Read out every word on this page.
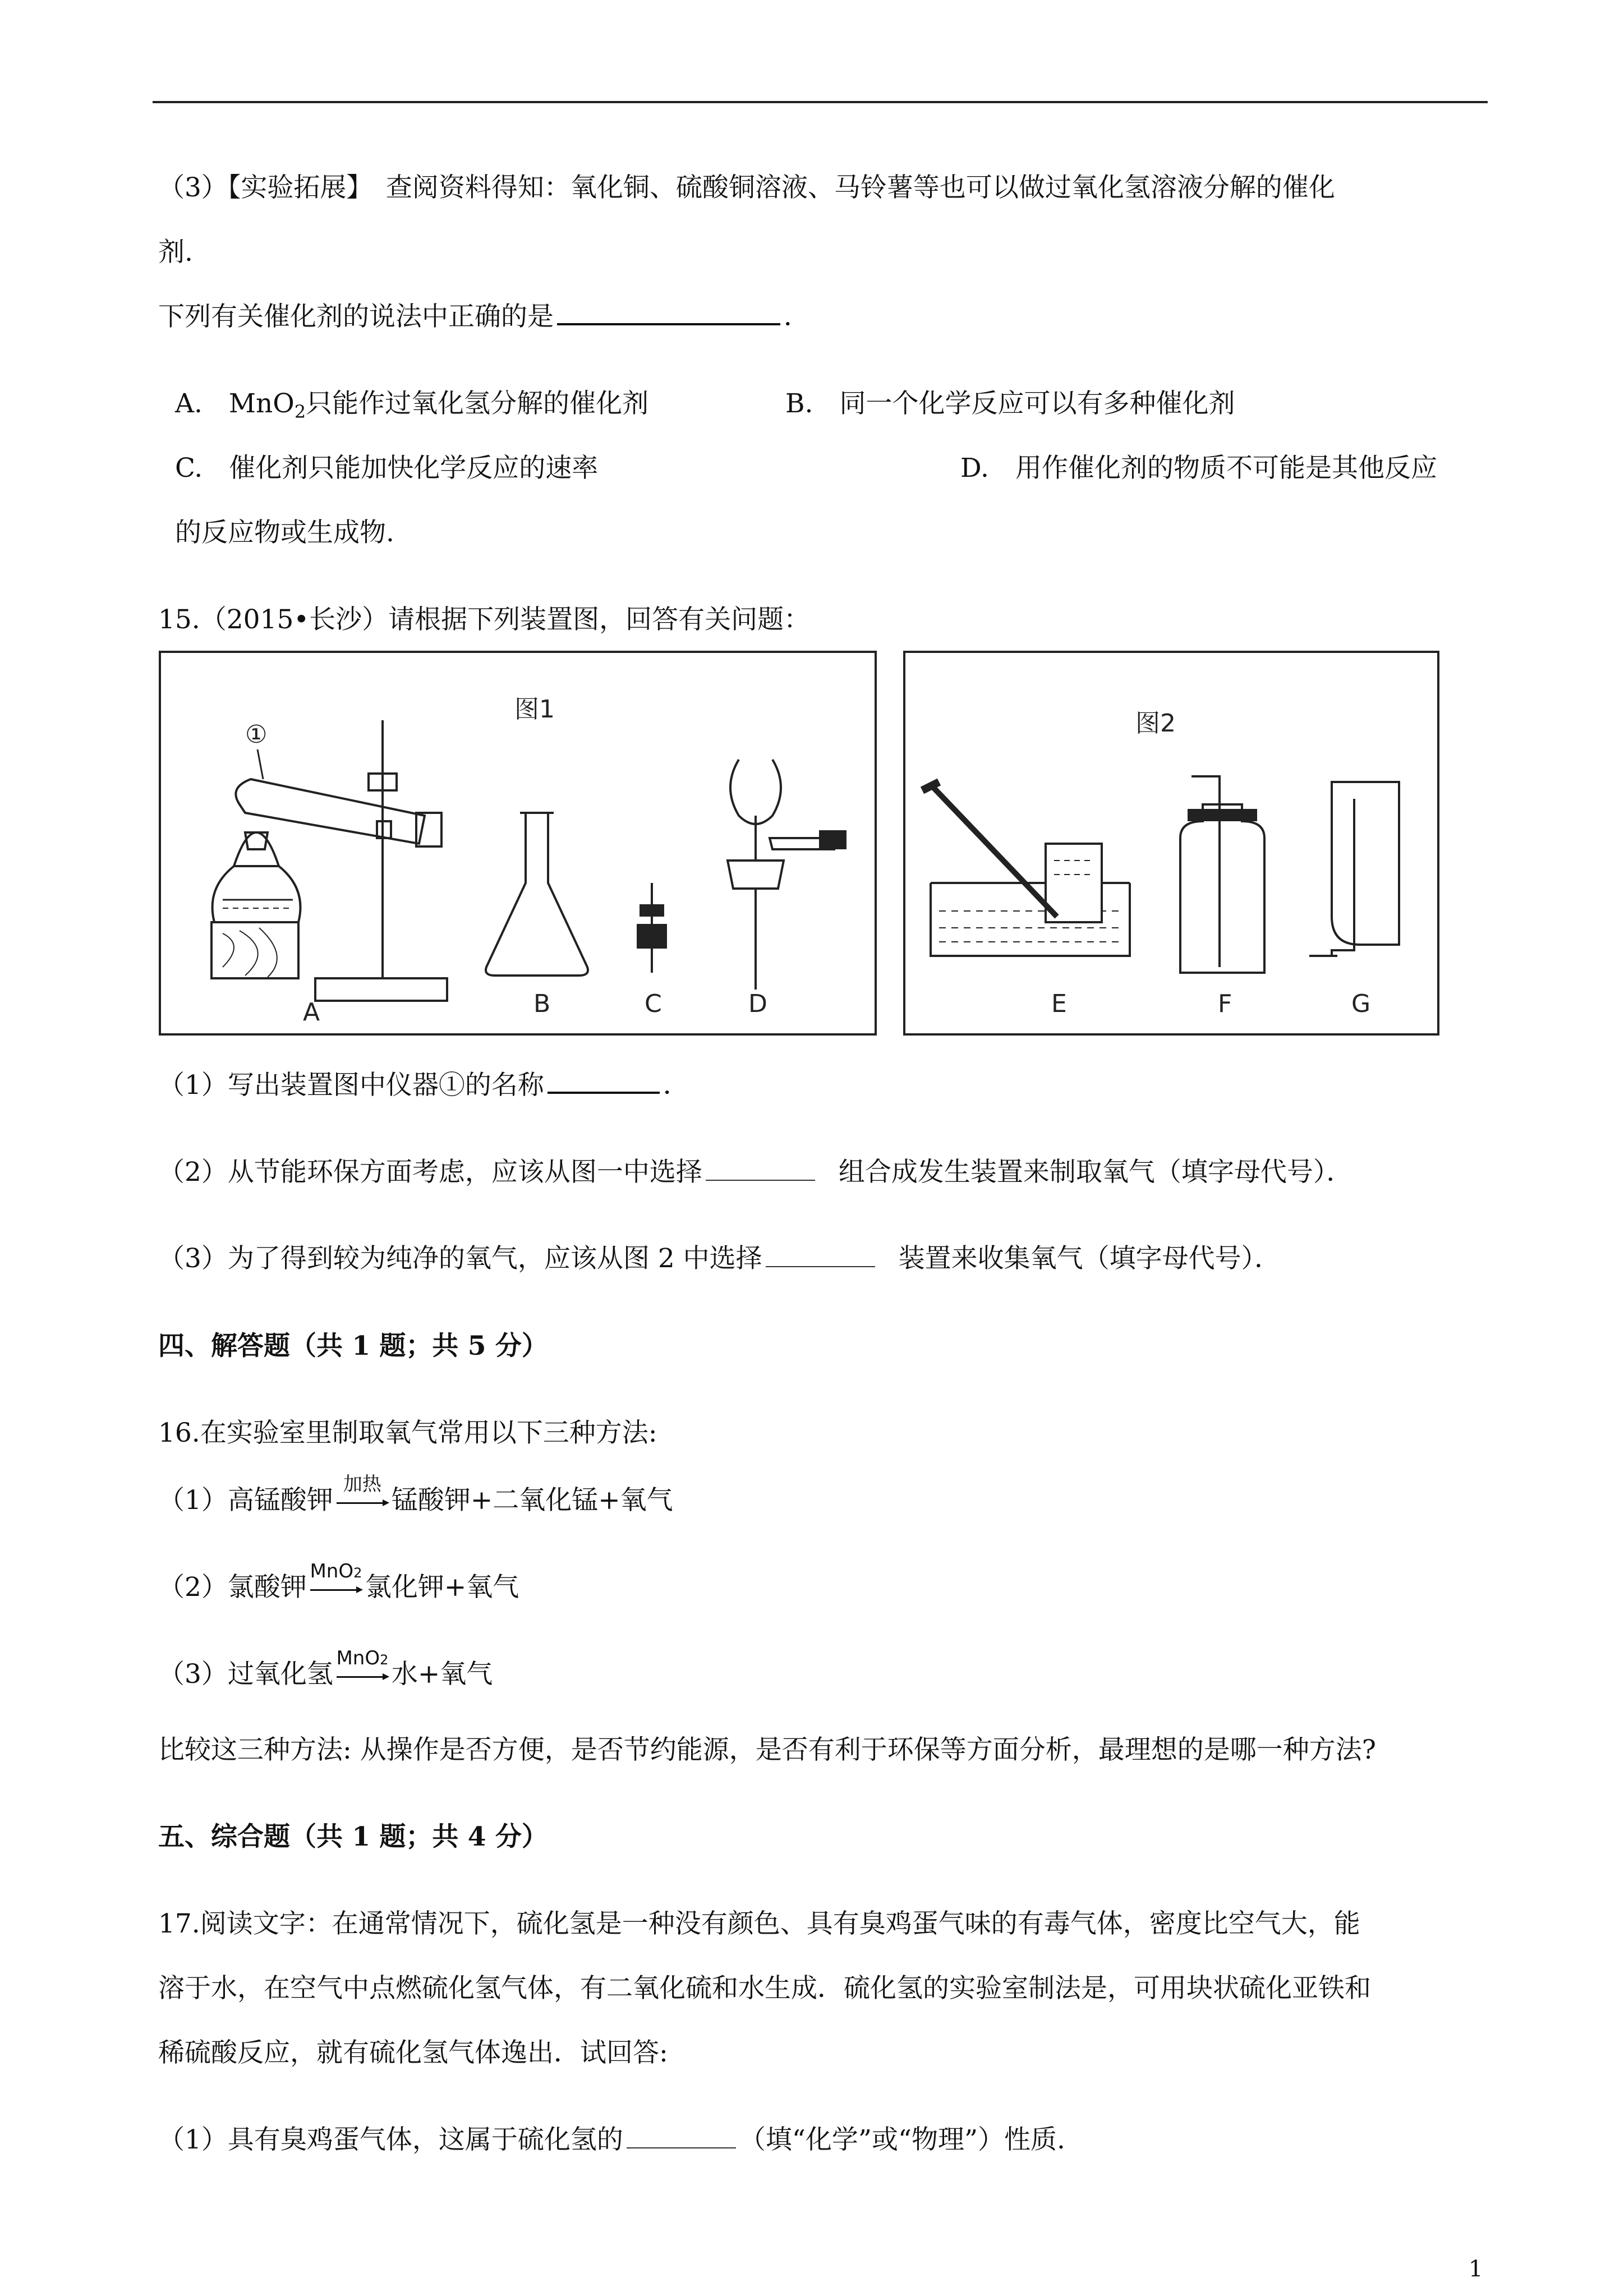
（3）【实验拓展】　查阅资料得知：氧化铜、硫酸铜溶液、马铃薯等也可以做过氧化氢溶液分解的催化
剂.
下列有关催化剂的说法中正确的是	．
A.　MnO$_2$只能作过氧化氢分解的催化剂	B.　同一个化学反应可以有多种催化剂
C.　催化剂只能加快化学反应的速率	D.　用作催化剂的物质不可能是其他反应
的反应物或生成物.
15.（2015•长沙）请根据下列装置图，回答有关问题：
图1
①
A	B	C	D
图2
E	F	G
（1）写出装置图中仪器①的名称	．
（2）从节能环保方面考虑，应该从图一中选择	组合成发生装置来制取氧气（填字母代号）．
（3）为了得到较为纯净的氧气，应该从图 2 中选择	装置来收集氧气（填字母代号）．
四、解答题（共 1 题；共 5 分）
16.在实验室里制取氧气常用以下三种方法:
（1）高锰酸钾
加热
锰酸钾+二氧化锰+氧气
（2）氯酸钾
MnO2 氯化钾+氧气
（3）过氧化氢
MnO2 水+氧气
比较这三种方法: 从操作是否方便，是否节约能源，是否有利于环保等方面分析，最理想的是哪一种方法?
五、综合题（共 1 题；共 4 分）
17.阅读文字：在通常情况下，硫化氢是一种没有颜色、具有臭鸡蛋气味的有毒气体，密度比空气大，能
溶于水，在空气中点燃硫化氢气体，有二氧化硫和水生成．硫化氢的实验室制法是，可用块状硫化亚铁和
稀硫酸反应，就有硫化氢气体逸出．试回答:
（1）具有臭鸡蛋气体，这属于硫化氢的	（填“化学”或“物理”）性质.
1
